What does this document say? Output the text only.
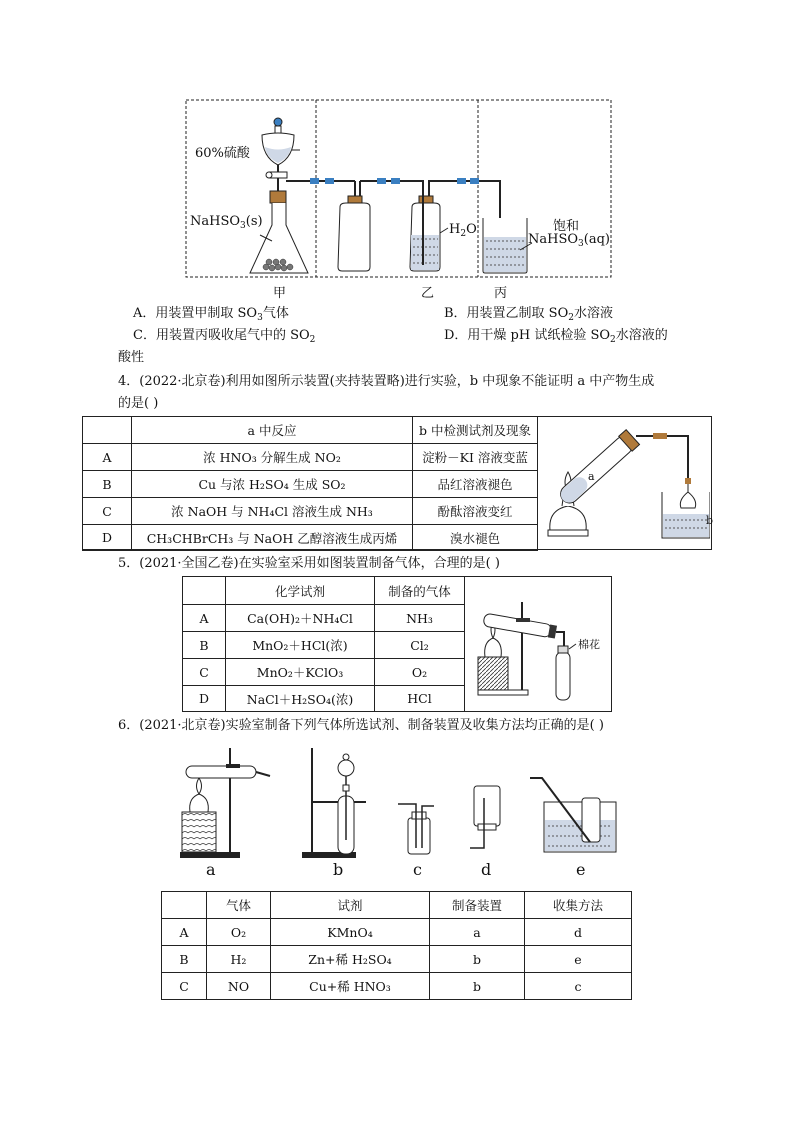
60%硫酸
NaHSO$_3$(s)
$H_2O$	饱和
NaHSO$_3$(aq)
甲	乙	丙
A．用装置甲制取 $SO_3$气体	B．用装置乙制取 $SO_2$水溶液
C．用装置丙吸收尾气中的 $SO_2$	D．用干燥 pH 试纸检验 $SO_2$水溶液的
酸性
4．(2022·北京卷)利用如图所示装置(夹持装置略)进行实验，b 中现象不能证明 a 中产物生成
的是( )
	a 中反应	b 中检测试剂及现象
A	浓 HNO₃ 分解生成 NO₂	淀粉－KI 溶液变蓝
B	Cu 与浓 H₂SO₄ 生成 SO₂	品红溶液褪色
C	浓 NaOH 与 NH₄Cl 溶液生成 NH₃	酚酞溶液变红
D	CH₃CHBrCH₃ 与 NaOH 乙醇溶液生成丙烯	溴水褪色
a
b
5．(2021·全国乙卷)在实验室采用如图装置制备气体，合理的是( )
	化学试剂	制备的气体
A	Ca(OH)₂＋NH₄Cl	NH₃
B	MnO₂＋HCl(浓)	Cl₂
C	MnO₂＋KClO₃	O₂
D	NaCl＋H₂SO₄(浓)	HCl
棉花
6．(2021·北京卷)实验室制备下列气体所选试剂、制备装置及收集方法均正确的是( )
a	b	c	d	e
	气体	试剂	制备装置	收集方法
A	O₂	KMnO₄	a	d
B	H₂	Zn+稀 H₂SO₄	b	e
C	NO	Cu+稀 HNO₃	b	c
